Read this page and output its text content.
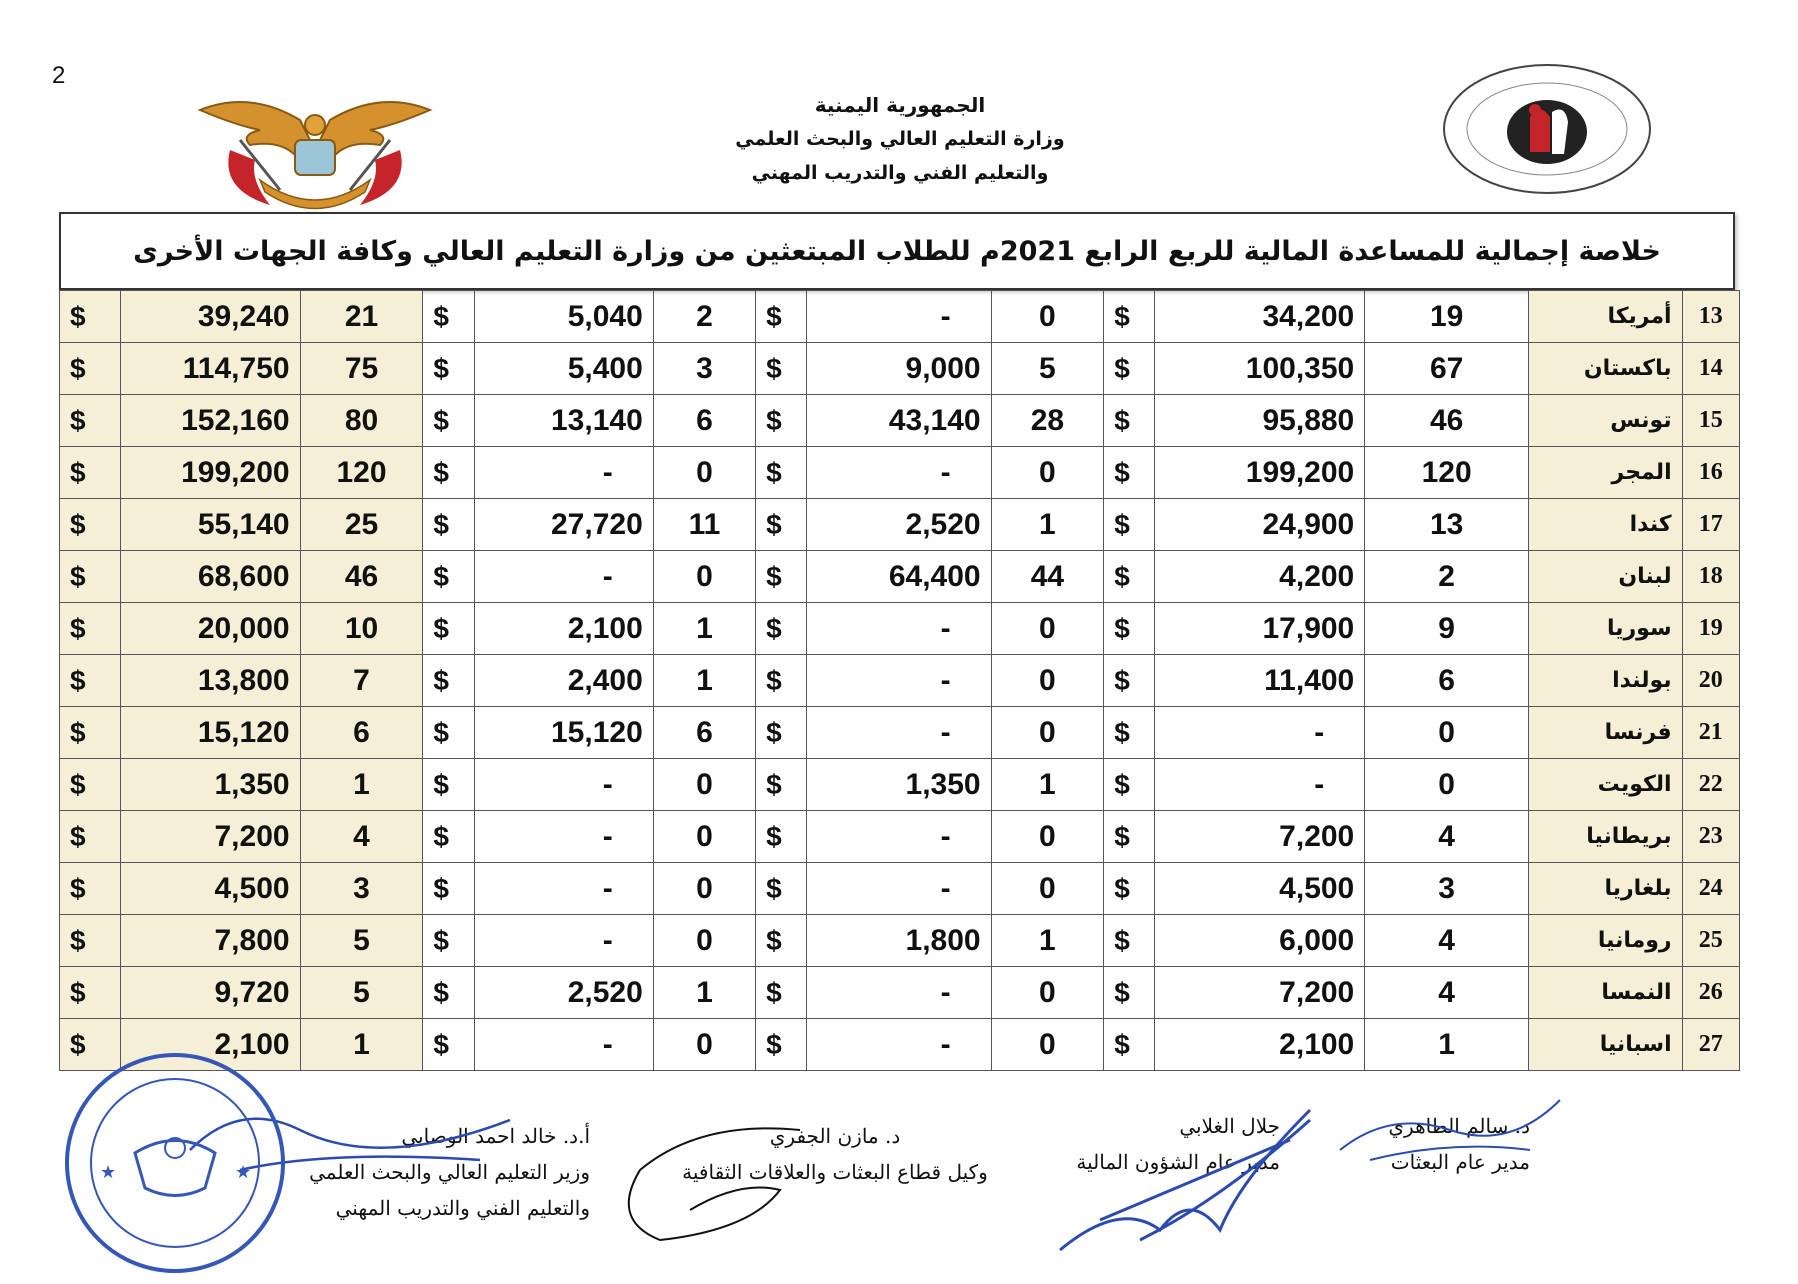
2
الجمهورية اليمنية
وزارة التعليم العالي والبحث العلمي
والتعليم الفني والتدريب المهني
خلاصة إجمالية للمساعدة المالية للربع الرابع 2021م للطلاب المبتعثين من وزارة التعليم العالي وكافة الجهات الأخرى
$	39,240	21	$	5,040	2	$	-	0	$	34,200	19	أمريكا	13
$	114,750	75	$	5,400	3	$	9,000	5	$	100,350	67	باكستان	14
$	152,160	80	$	13,140	6	$	43,140	28	$	95,880	46	تونس	15
$	199,200	120	$	-	0	$	-	0	$	199,200	120	المجر	16
$	55,140	25	$	27,720	11	$	2,520	1	$	24,900	13	كندا	17
$	68,600	46	$	-	0	$	64,400	44	$	4,200	2	لبنان	18
$	20,000	10	$	2,100	1	$	-	0	$	17,900	9	سوريا	19
$	13,800	7	$	2,400	1	$	-	0	$	11,400	6	بولندا	20
$	15,120	6	$	15,120	6	$	-	0	$	-	0	فرنسا	21
$	1,350	1	$	-	0	$	1,350	1	$	-	0	الكويت	22
$	7,200	4	$	-	0	$	-	0	$	7,200	4	بريطانيا	23
$	4,500	3	$	-	0	$	-	0	$	4,500	3	بلغاريا	24
$	7,800	5	$	-	0	$	1,800	1	$	6,000	4	رومانيا	25
$	9,720	5	$	2,520	1	$	-	0	$	7,200	4	النمسا	26
$	2,100	1	$	-	0	$	-	0	$	2,100	1	اسبانيا	27
د. سالم الطاهري
مدير عام البعثات
جلال الغلابي
مدير عام الشؤون المالية
د. مازن الجفري
وكيل قطاع البعثات والعلاقات الثقافية
أ.د. خالد احمد الوصابي
وزير التعليم العالي والبحث العلمي
والتعليم الفني والتدريب المهني
★	★
